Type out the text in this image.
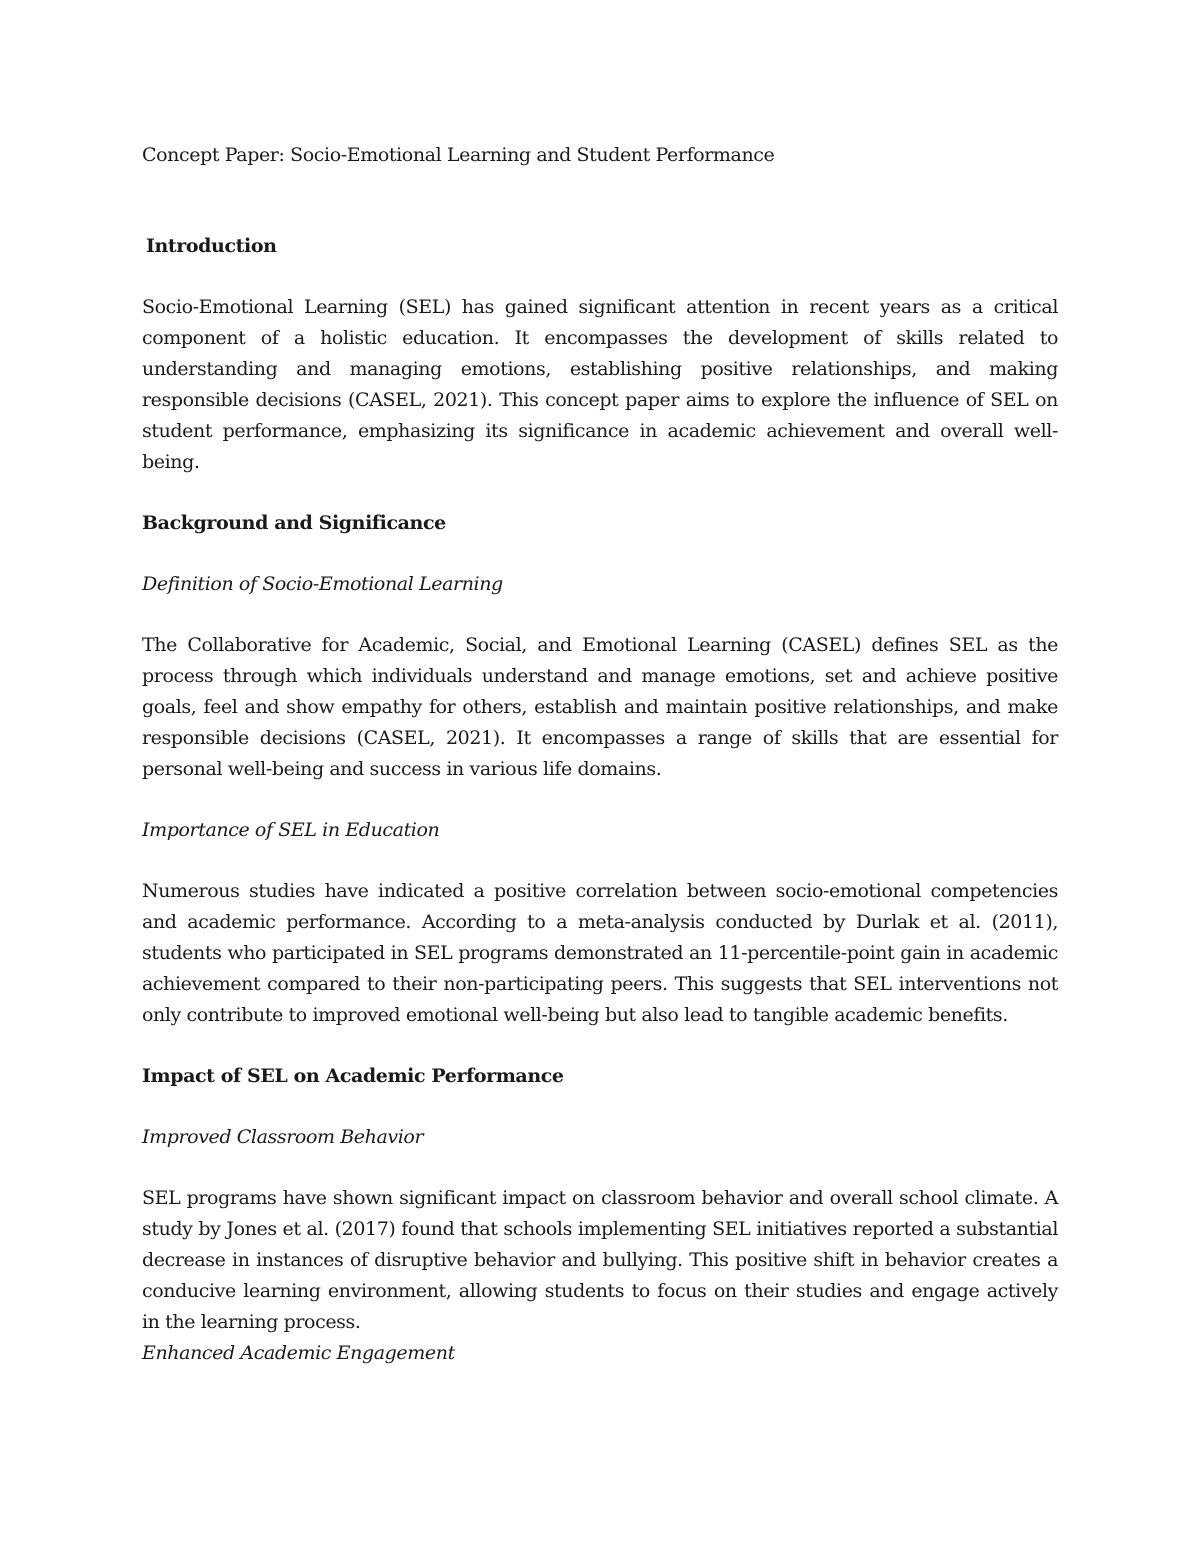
Concept Paper: Socio-Emotional Learning and Student Performance
Introduction

Socio-Emotional Learning (SEL) has gained significant attention in recent years as a critical component of a holistic education. It encompasses the development of skills related to understanding and managing emotions, establishing positive relationships, and making responsible decisions (CASEL, 2021). This concept paper aims to explore the influence of SEL on student performance, emphasizing its significance in academic achievement and overall well-being.

Background and Significance
Definition of Socio-Emotional Learning

The Collaborative for Academic, Social, and Emotional Learning (CASEL) defines SEL as the process through which individuals understand and manage emotions, set and achieve positive goals, feel and show empathy for others, establish and maintain positive relationships, and make responsible decisions (CASEL, 2021). It encompasses a range of skills that are essential for personal well-being and success in various life domains.

Importance of SEL in Education

Numerous studies have indicated a positive correlation between socio-emotional competencies and academic performance. According to a meta-analysis conducted by Durlak et al. (2011), students who participated in SEL programs demonstrated an 11-percentile-point gain in academic achievement compared to their non-participating peers. This suggests that SEL interventions not only contribute to improved emotional well-being but also lead to tangible academic benefits.

Impact of SEL on Academic Performance
Improved Classroom Behavior

SEL programs have shown significant impact on classroom behavior and overall school climate. A study by Jones et al. (2017) found that schools implementing SEL initiatives reported a substantial decrease in instances of disruptive behavior and bullying. This positive shift in behavior creates a conducive learning environment, allowing students to focus on their studies and engage actively in the learning process.

Enhanced Academic Engagement
